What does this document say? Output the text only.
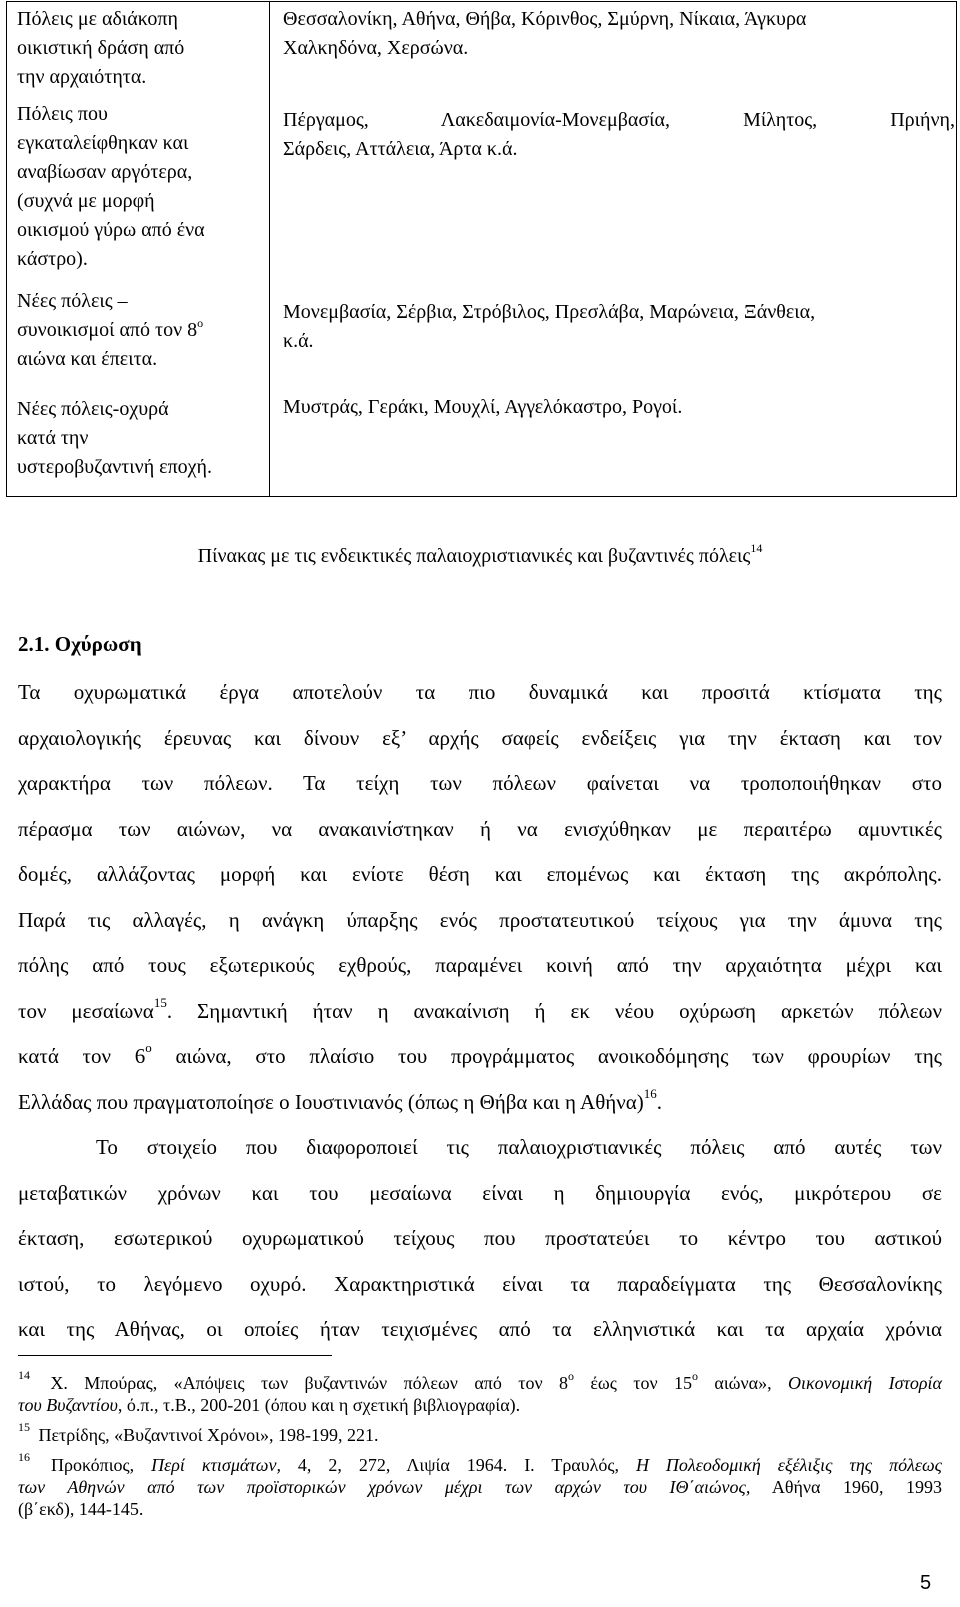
Πόλεις με αδιάκοπη
οικιστική δράση από
την αρχαιότητα.
Θεσσαλονίκη, Αθήνα, Θήβα, Κόρινθος, Σμύρνη, Νίκαια, Άγκυρα
Χαλκηδόνα, Χερσώνα.
Πόλεις που
εγκαταλείφθηκαν και
αναβίωσαν αργότερα,
(συχνά με μορφή
οικισμού γύρω από ένα
κάστρο).
Πέργαμος, Λακεδαιμονία-Μονεμβασία, Μίλητος, Πριήνη,
Σάρδεις, Αττάλεια, Άρτα κ.ά.
Νέες πόλεις –
συνοικισμοί από τον $8^o$
αιώνα και έπειτα.
Μονεμβασία, Σέρβια, Στρόβιλος, Πρεσλάβα, Μαρώνεια, Ξάνθεια,
κ.ά.
Νέες πόλεις-οχυρά
κατά την
υστεροβυζαντινή εποχή.
Μυστράς, Γεράκι, Μουχλί, Αγγελόκαστρο, Ρογοί.
Πίνακας με τις ενδεικτικές παλαιοχριστιανικές και βυζαντινές πόλεις$^{14}$
2.1. Οχύρωση
Τα οχυρωματικά έργα αποτελούν τα πιο δυναμικά και προσιτά κτίσματα της
αρχαιολογικής έρευνας και δίνουν εξ’ αρχής σαφείς ενδείξεις για την έκταση και τον
χαρακτήρα των πόλεων. Τα τείχη των πόλεων φαίνεται να τροποποιήθηκαν στο
πέρασμα των αιώνων, να ανακαινίστηκαν ή να ενισχύθηκαν με περαιτέρω αμυντικές
δομές, αλλάζοντας μορφή και ενίοτε θέση και επομένως και έκταση της ακρόπολης.
Παρά τις αλλαγές, η ανάγκη ύπαρξης ενός προστατευτικού τείχους για την άμυνα της
πόλης από τους εξωτερικούς εχθρούς, παραμένει κοινή από την αρχαιότητα μέχρι και
τον μεσαίωνα$^{15}$. Σημαντική ήταν η ανακαίνιση ή εκ νέου οχύρωση αρκετών πόλεων
κατά τον $6^o$ αιώνα, στο πλαίσιο του προγράμματος ανοικοδόμησης των φρουρίων της
Ελλάδας που πραγματοποίησε ο Ιουστινιανός (όπως η Θήβα και η Αθήνα)$^{16}$.
Το στοιχείο που διαφοροποιεί τις παλαιοχριστιανικές πόλεις από αυτές των
μεταβατικών χρόνων και του μεσαίωνα είναι η δημιουργία ενός, μικρότερου σε
έκταση, εσωτερικού οχυρωματικού τείχους που προστατεύει το κέντρο του αστικού
ιστού, το λεγόμενο οχυρό. Χαρακτηριστικά είναι τα παραδείγματα της Θεσσαλονίκης
και της Αθήνας, οι οποίες ήταν τειχισμένες από τα ελληνιστικά και τα αρχαία χρόνια
$^{14}$ Χ. Μπούρας, «Απόψεις των βυζαντινών πόλεων από τον $8^o$ έως τον $15^o$ αιώνα», Οικονομική Ιστορία
του Βυζαντίου, ό.π., τ.Β., 200-201 (όπου και η σχετική βιβλιογραφία).
$^{15}$ Πετρίδης, «Βυζαντινοί Χρόνοι», 198-199, 221.
$^{16}$ Προκόπιος, Περί κτισμάτων, 4, 2, 272, Λιψία 1964. Ι. Τραυλός, Η Πολεοδομική εξέλιξις της πόλεως
των Αθηνών από των προϊστορικών χρόνων μέχρι των αρχών του ΙΘ΄αιώνος, Αθήνα 1960, 1993
(β΄εκδ), 144-145.
5
